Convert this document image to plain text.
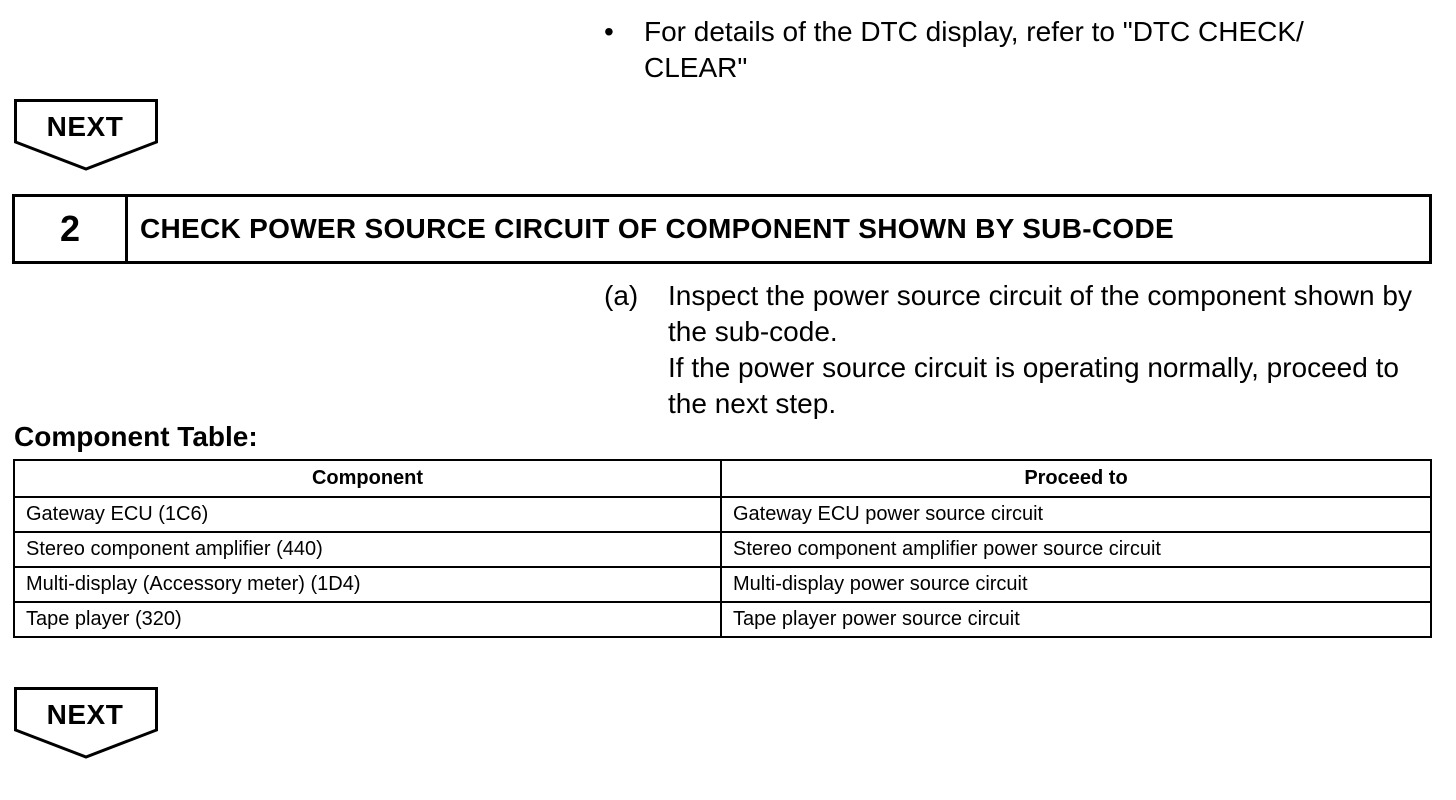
• For details of the DTC display, refer to "DTC CHECK/ CLEAR"
NEXT
2	CHECK POWER SOURCE CIRCUIT OF COMPONENT SHOWN BY SUB-CODE
(a) Inspect the power source circuit of the component shown by the sub-code.
If the power source circuit is operating normally, proceed to the next step.
Component Table:
Component	Proceed to
Gateway ECU (1C6)	Gateway ECU power source circuit
Stereo component amplifier (440)	Stereo component amplifier power source circuit
Multi-display (Accessory meter) (1D4)	Multi-display power source circuit
Tape player (320)	Tape player power source circuit
NEXT
